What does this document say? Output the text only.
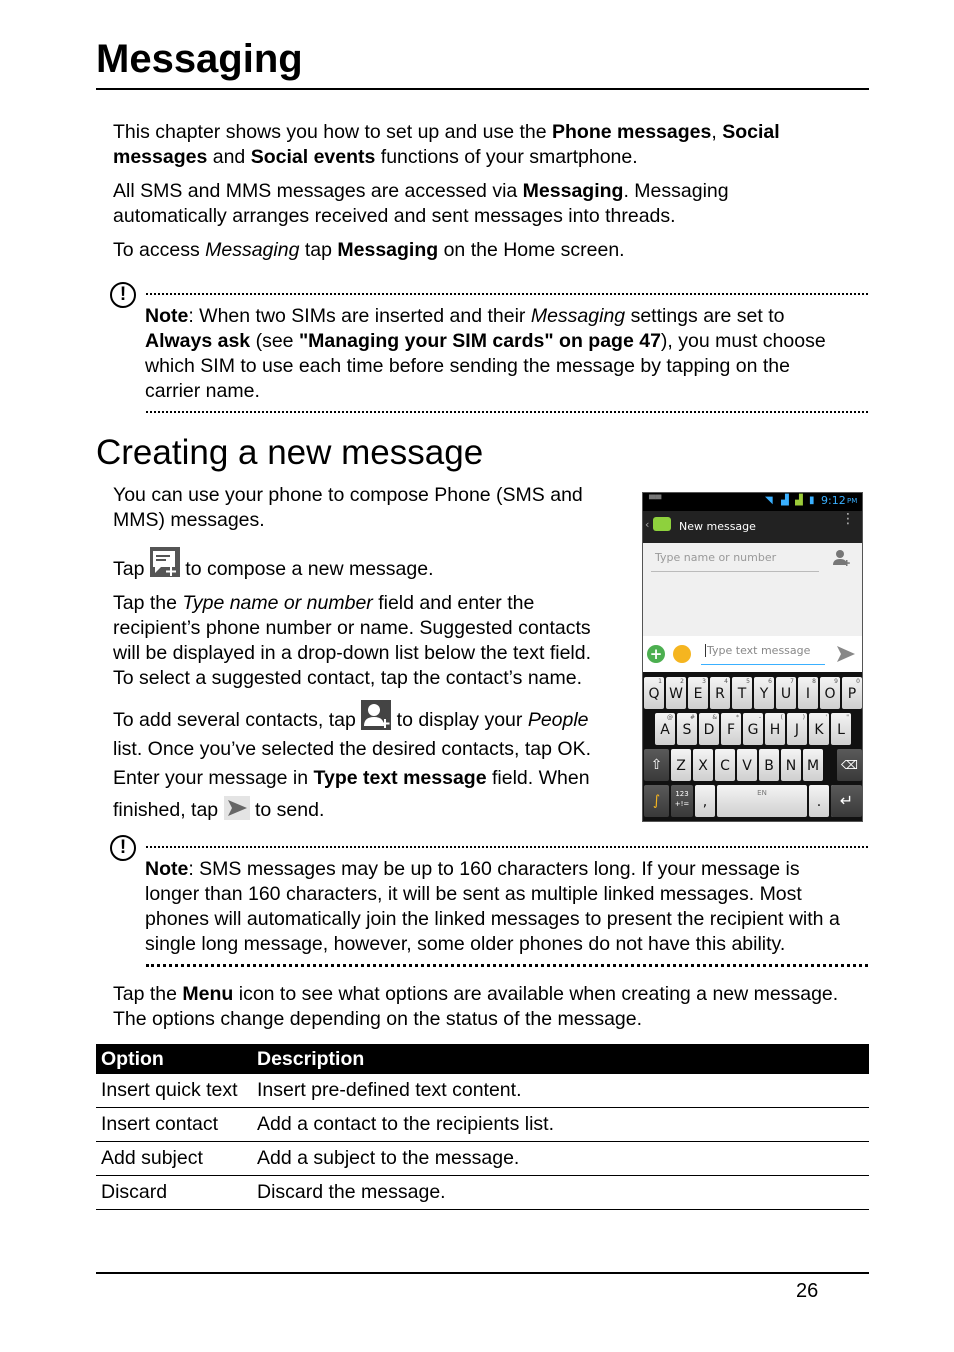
Messaging
This chapter shows you how to set up and use the Phone messages, Social
messages and Social events functions of your smartphone.
All SMS and MMS messages are accessed via Messaging. Messaging
automatically arranges received and sent messages into threads.
To access Messaging tap Messaging on the Home screen.
!
Note: When two SIMs are inserted and their Messaging settings are set to
Always ask (see "Managing your SIM cards" on page 47), you must choose
which SIM to use each time before sending the message by tapping on the
carrier name.
Creating a new message
You can use your phone to compose Phone (SMS and
MMS) messages.
Tap  to compose a new message.
Tap the Type name or number field and enter the
recipient’s phone number or name. Suggested contacts
will be displayed in a drop-down list below the text field.
To select a suggested contact, tap the contact’s name.
To add several contacts, tap  to display your People
list. Once you’ve selected the desired contacts, tap OK.
Enter your message in Type text message field. When
finished, tap  to send.
▀▀	◥ ▟ ▟ ▮ 9:12 PM
‹	New message	⋮
Type name or number
+	Type text message
Q
1
W
2
E
3
R
4
T
5
Y
6
U
7
I
8
O
9
P
0
A
@
S
#
D
&
F
*
G
-
H
(
J
)
K
'
L
"
Z X C V B N M
⇧	⌫
∫	123
+!= ,
EN
.	↵
!
Note: SMS messages may be up to 160 characters long. If your message is
longer than 160 characters, it will be sent as multiple linked messages. Most
phones will automatically join the linked messages to present the recipient with a
single long message, however, some older phones do not have this ability.
Tap the Menu icon to see what options are available when creating a new message.
The options change depending on the status of the message.
Option	Description
Insert quick text	Insert pre-defined text content.
Insert contact	Add a contact to the recipients list.
Add subject	Add a subject to the message.
Discard	Discard the message.
26
